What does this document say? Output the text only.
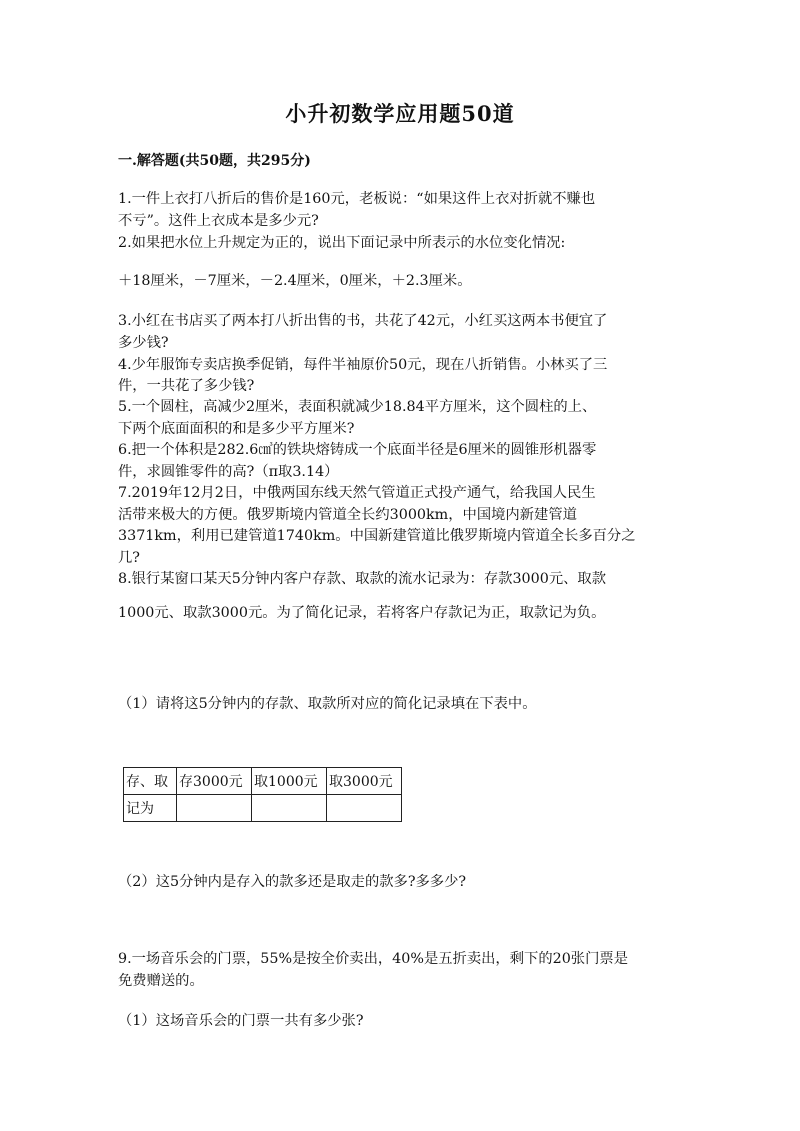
小升初数学应用题50道
一.解答题(共50题，共295分)
1.一件上衣打八折后的售价是160元，老板说：“如果这件上衣对折就不赚也
不亏”。这件上衣成本是多少元?
2.如果把水位上升规定为正的，说出下面记录中所表示的水位变化情况:
＋18厘米，－7厘米，－2.4厘米，0厘米，＋2.3厘米。
3.小红在书店买了两本打八折出售的书，共花了42元，小红买这两本书便宜了
多少钱?
4.少年服饰专卖店换季促销，每件半袖原价50元，现在八折销售。小林买了三
件，一共花了多少钱?
5.一个圆柱，高减少2厘米，表面积就减少18.84平方厘米，这个圆柱的上、
下两个底面面积的和是多少平方厘米?
6.把一个体积是282.6㎤的铁块熔铸成一个底面半径是6厘米的圆锥形机器零
件，求圆锥零件的高?（π取3.14）
7.2019年12月2日，中俄两国东线天然气管道正式投产通气，给我国人民生
活带来极大的方便。俄罗斯境内管道全长约3000km，中国境内新建管道
3371km，利用已建管道1740km。中国新建管道比俄罗斯境内管道全长多百分之
几?
8.银行某窗口某天5分钟内客户存款、取款的流水记录为：存款3000元、取款
1000元、取款3000元。为了简化记录，若将客户存款记为正，取款记为负。
（1）请将这5分钟内的存款、取款所对应的简化记录填在下表中。
存、取	存3000元	取1000元	取3000元
记为			
（2）这5分钟内是存入的款多还是取走的款多?多多少?
9.一场音乐会的门票，55%是按全价卖出，40%是五折卖出，剩下的20张门票是
免费赠送的。
（1）这场音乐会的门票一共有多少张?
